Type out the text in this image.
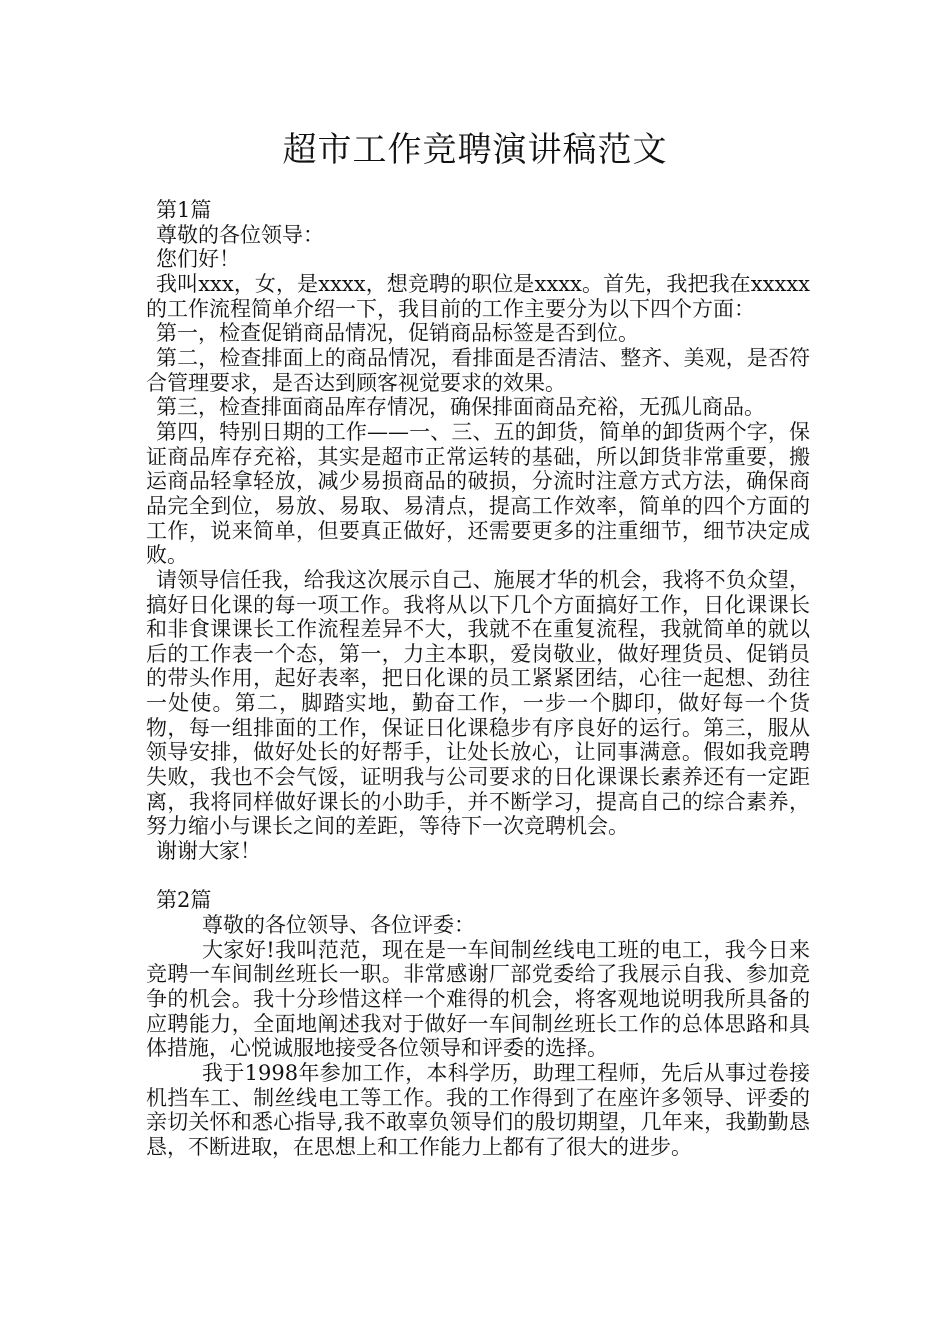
超市工作竞聘演讲稿范文

第1篇

尊敬的各位领导：

您们好！

我叫xxx，女，是xxxx，想竞聘的职位是xxxx。首先，我把我在xxxxx的工作流程简单介绍一下，我目前的工作主要分为以下四个方面：

第一，检查促销商品情况，促销商品标签是否到位。

第二，检查排面上的商品情况，看排面是否清洁、整齐、美观，是否符合管理要求，是否达到顾客视觉要求的效果。

第三，检查排面商品库存情况，确保排面商品充裕，无孤儿商品。

第四，特别日期的工作——一、三、五的卸货，简单的卸货两个字，保证商品库存充裕，其实是超市正常运转的基础，所以卸货非常重要，搬运商品轻拿轻放，减少易损商品的破损，分流时注意方式方法，确保商品完全到位，易放、易取、易清点，提高工作效率，简单的四个方面的工作，说来简单，但要真正做好，还需要更多的注重细节，细节决定成败。

请领导信任我，给我这次展示自己、施展才华的机会，我将不负众望，搞好日化课的每一项工作。我将从以下几个方面搞好工作，日化课课长和非食课课长工作流程差异不大，我就不在重复流程，我就简单的就以后的工作表一个态，第一，力主本职，爱岗敬业，做好理货员、促销员的带头作用，起好表率，把日化课的员工紧紧团结，心往一起想、劲往一处使。第二，脚踏实地，勤奋工作，一步一个脚印，做好每一个货物，每一组排面的工作，保证日化课稳步有序良好的运行。第三，服从领导安排，做好处长的好帮手，让处长放心，让同事满意。假如我竞聘失败，我也不会气馁，证明我与公司要求的日化课课长素养还有一定距离，我将同样做好课长的小助手，并不断学习，提高自己的综合素养，努力缩小与课长之间的差距，等待下一次竞聘机会。

谢谢大家！

第2篇

尊敬的各位领导、各位评委：

大家好!我叫范范，现在是一车间制丝线电工班的电工，我今日来竞聘一车间制丝班长一职。非常感谢厂部党委给了我展示自我、参加竞争的机会。我十分珍惜这样一个难得的机会，将客观地说明我所具备的应聘能力，全面地阐述我对于做好一车间制丝班长工作的总体思路和具体措施，心悦诚服地接受各位领导和评委的选择。

我于1998年参加工作，本科学历，助理工程师，先后从事过卷接机挡车工、制丝线电工等工作。我的工作得到了在座许多领导、评委的亲切关怀和悉心指导,我不敢辜负领导们的殷切期望，几年来，我勤勤恳恳，不断进取，在思想上和工作能力上都有了很大的进步。
